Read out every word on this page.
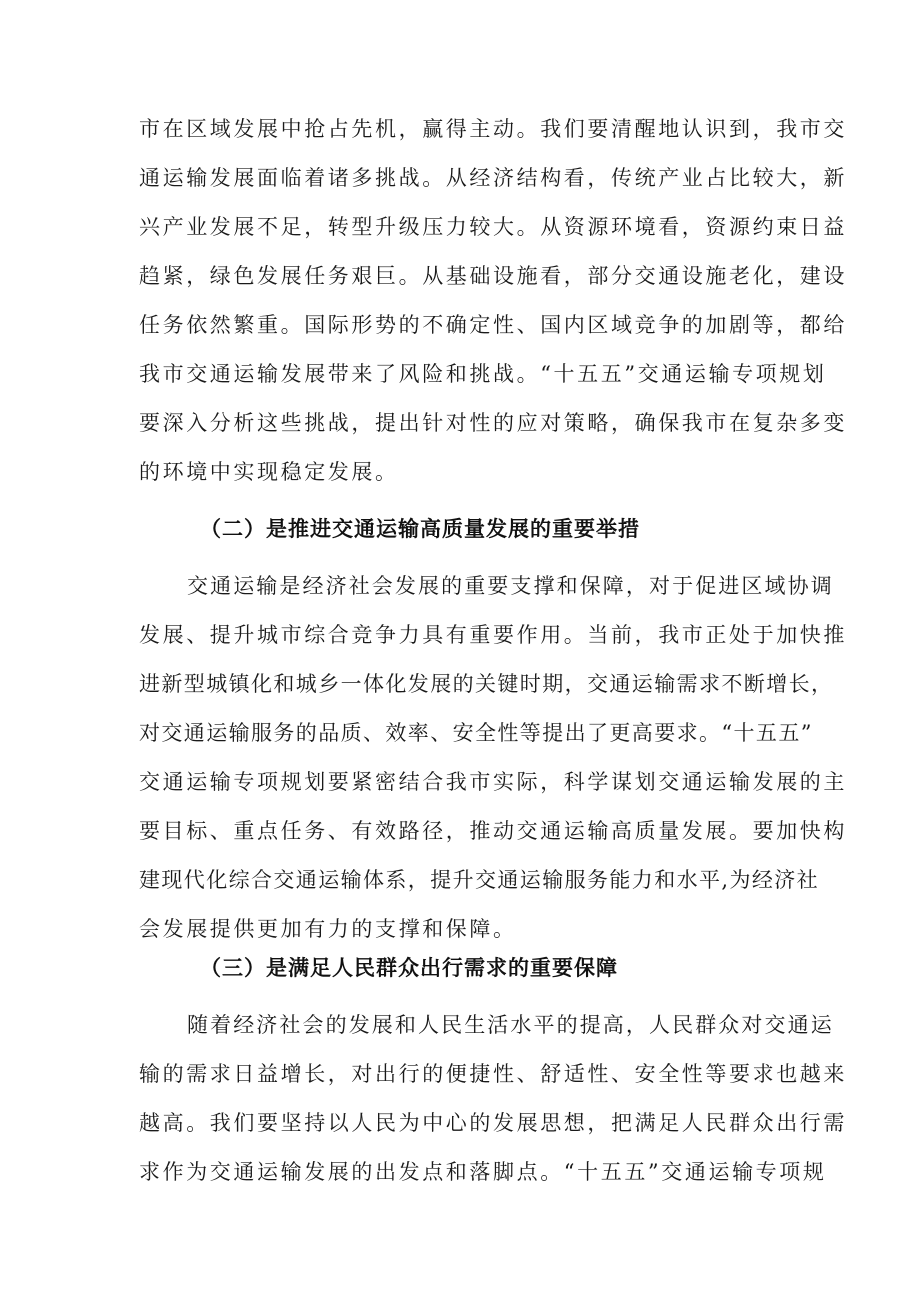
市在区域发展中抢占先机，赢得主动。我们要清醒地认识到，我市交
通运输发展面临着诸多挑战。从经济结构看，传统产业占比较大，新
兴产业发展不足，转型升级压力较大。从资源环境看，资源约束日益
趋紧，绿色发展任务艰巨。从基础设施看，部分交通设施老化，建设
任务依然繁重。国际形势的不确定性、国内区域竞争的加剧等，都给
我市交通运输发展带来了风险和挑战。“十五五”交通运输专项规划
要深入分析这些挑战，提出针对性的应对策略，确保我市在复杂多变
的环境中实现稳定发展。
（二）是推进交通运输高质量发展的重要举措
交通运输是经济社会发展的重要支撑和保障，对于促进区域协调
发展、提升城市综合竞争力具有重要作用。当前，我市正处于加快推
进新型城镇化和城乡一体化发展的关键时期，交通运输需求不断增长，
对交通运输服务的品质、效率、安全性等提出了更高要求。“十五五”
交通运输专项规划要紧密结合我市实际，科学谋划交通运输发展的主
要目标、重点任务、有效路径，推动交通运输高质量发展。要加快构
建现代化综合交通运输体系，提升交通运输服务能力和水平,为经济社
会发展提供更加有力的支撑和保障。
（三）是满足人民群众出行需求的重要保障
随着经济社会的发展和人民生活水平的提高，人民群众对交通运
输的需求日益增长，对出行的便捷性、舒适性、安全性等要求也越来
越高。我们要坚持以人民为中心的发展思想，把满足人民群众出行需
求作为交通运输发展的出发点和落脚点。“十五五”交通运输专项规
